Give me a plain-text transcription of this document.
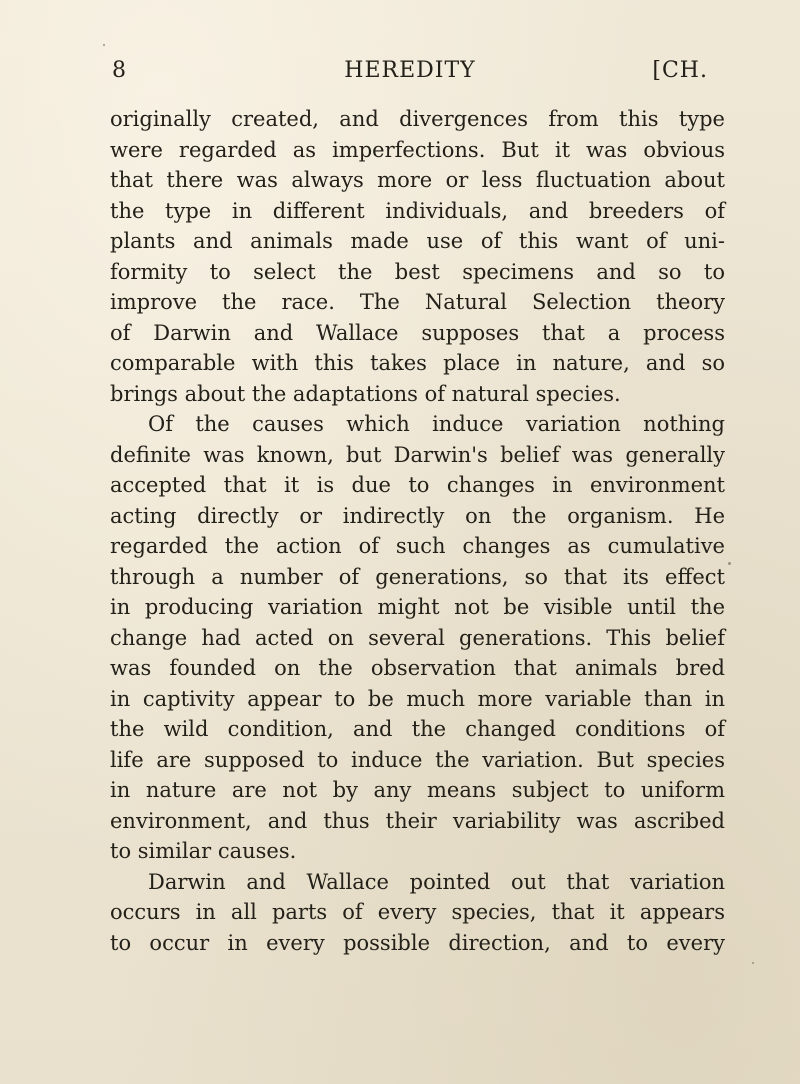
8	HEREDITY	[CH.
originally created, and divergences from this type
were regarded as imperfections. But it was obvious
that there was always more or less fluctuation about
the type in different individuals, and breeders of
plants and animals made use of this want of uni-
formity to select the best specimens and so to
improve the race. The Natural Selection theory
of Darwin and Wallace supposes that a process
comparable with this takes place in nature, and so
brings about the adaptations of natural species.
Of the causes which induce variation nothing
definite was known, but Darwin's belief was generally
accepted that it is due to changes in environment
acting directly or indirectly on the organism. He
regarded the action of such changes as cumulative
through a number of generations, so that its effect
in producing variation might not be visible until the
change had acted on several generations. This belief
was founded on the observation that animals bred
in captivity appear to be much more variable than in
the wild condition, and the changed conditions of
life are supposed to induce the variation. But species
in nature are not by any means subject to uniform
environment, and thus their variability was ascribed
to similar causes.
Darwin and Wallace pointed out that variation
occurs in all parts of every species, that it appears
to occur in every possible direction, and to every
